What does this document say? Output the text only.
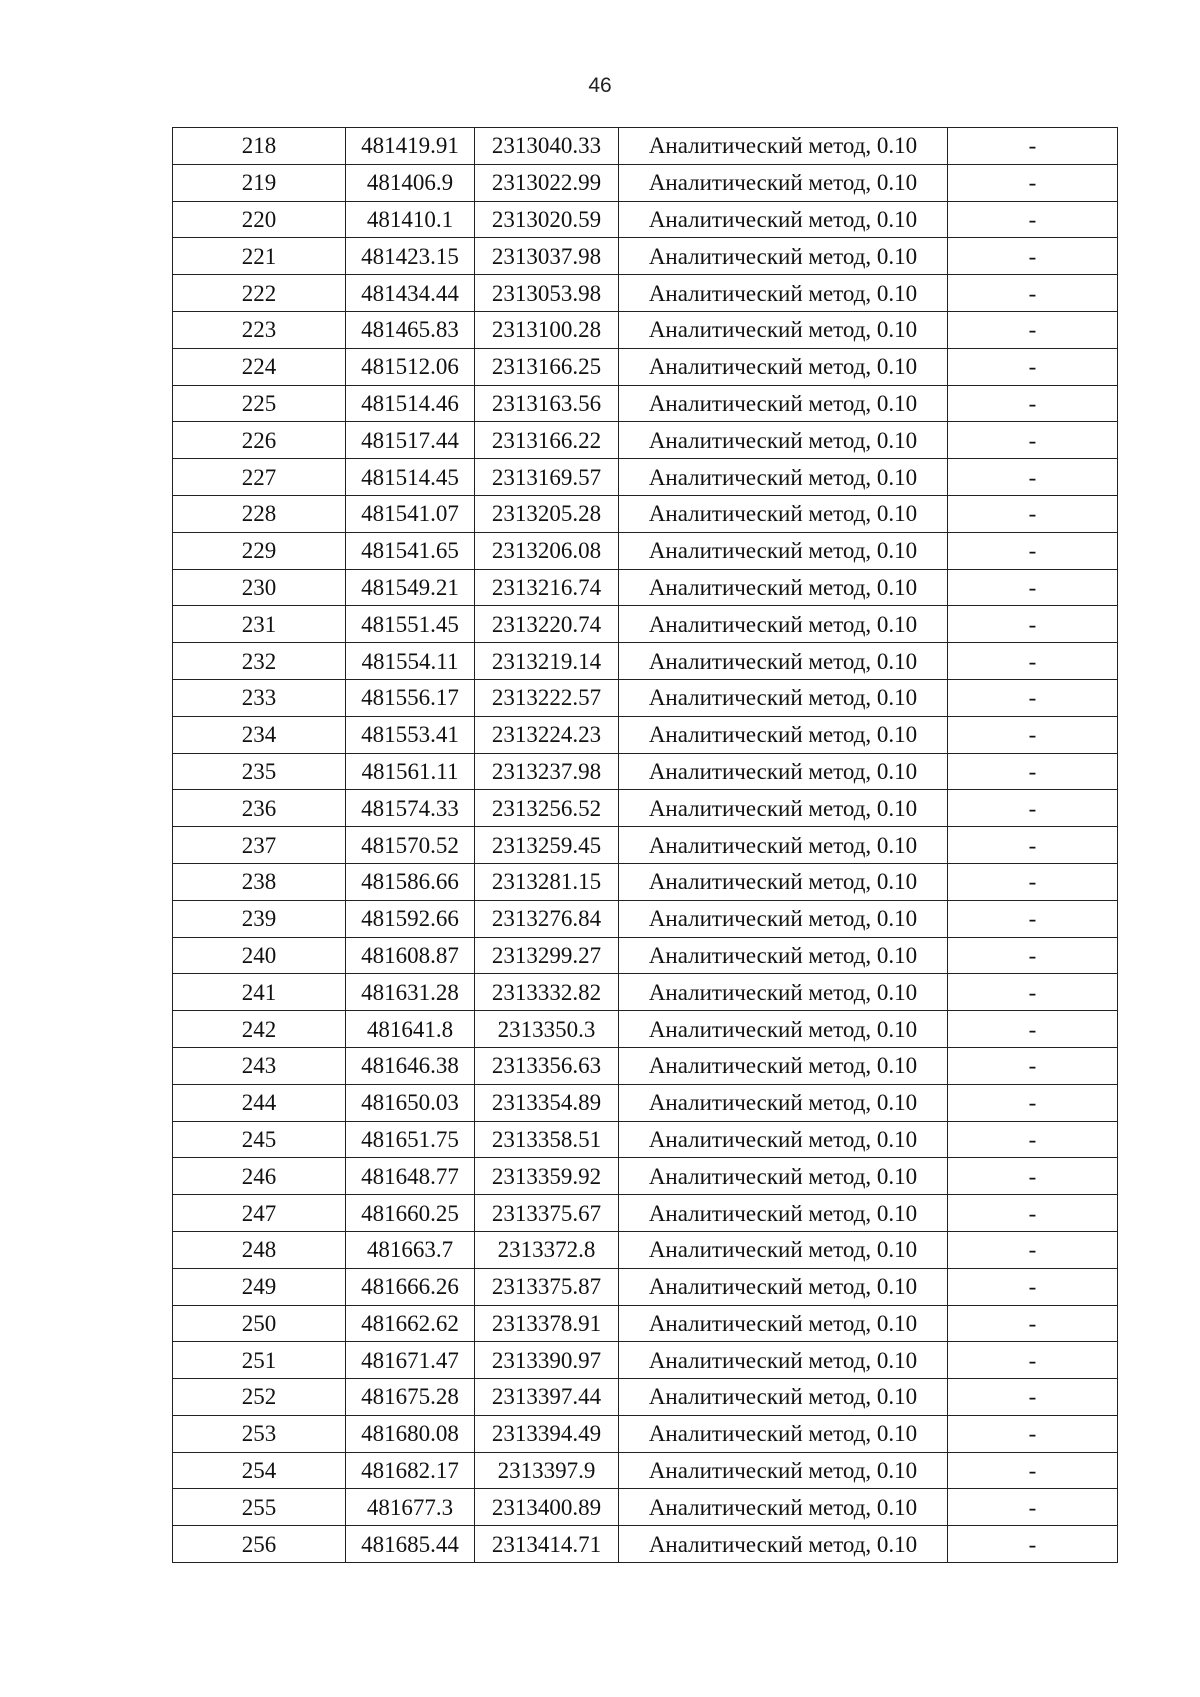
46
218	481419.91	2313040.33	Аналитический метод, 0.10	-
219	481406.9	2313022.99	Аналитический метод, 0.10	-
220	481410.1	2313020.59	Аналитический метод, 0.10	-
221	481423.15	2313037.98	Аналитический метод, 0.10	-
222	481434.44	2313053.98	Аналитический метод, 0.10	-
223	481465.83	2313100.28	Аналитический метод, 0.10	-
224	481512.06	2313166.25	Аналитический метод, 0.10	-
225	481514.46	2313163.56	Аналитический метод, 0.10	-
226	481517.44	2313166.22	Аналитический метод, 0.10	-
227	481514.45	2313169.57	Аналитический метод, 0.10	-
228	481541.07	2313205.28	Аналитический метод, 0.10	-
229	481541.65	2313206.08	Аналитический метод, 0.10	-
230	481549.21	2313216.74	Аналитический метод, 0.10	-
231	481551.45	2313220.74	Аналитический метод, 0.10	-
232	481554.11	2313219.14	Аналитический метод, 0.10	-
233	481556.17	2313222.57	Аналитический метод, 0.10	-
234	481553.41	2313224.23	Аналитический метод, 0.10	-
235	481561.11	2313237.98	Аналитический метод, 0.10	-
236	481574.33	2313256.52	Аналитический метод, 0.10	-
237	481570.52	2313259.45	Аналитический метод, 0.10	-
238	481586.66	2313281.15	Аналитический метод, 0.10	-
239	481592.66	2313276.84	Аналитический метод, 0.10	-
240	481608.87	2313299.27	Аналитический метод, 0.10	-
241	481631.28	2313332.82	Аналитический метод, 0.10	-
242	481641.8	2313350.3	Аналитический метод, 0.10	-
243	481646.38	2313356.63	Аналитический метод, 0.10	-
244	481650.03	2313354.89	Аналитический метод, 0.10	-
245	481651.75	2313358.51	Аналитический метод, 0.10	-
246	481648.77	2313359.92	Аналитический метод, 0.10	-
247	481660.25	2313375.67	Аналитический метод, 0.10	-
248	481663.7	2313372.8	Аналитический метод, 0.10	-
249	481666.26	2313375.87	Аналитический метод, 0.10	-
250	481662.62	2313378.91	Аналитический метод, 0.10	-
251	481671.47	2313390.97	Аналитический метод, 0.10	-
252	481675.28	2313397.44	Аналитический метод, 0.10	-
253	481680.08	2313394.49	Аналитический метод, 0.10	-
254	481682.17	2313397.9	Аналитический метод, 0.10	-
255	481677.3	2313400.89	Аналитический метод, 0.10	-
256	481685.44	2313414.71	Аналитический метод, 0.10	-
